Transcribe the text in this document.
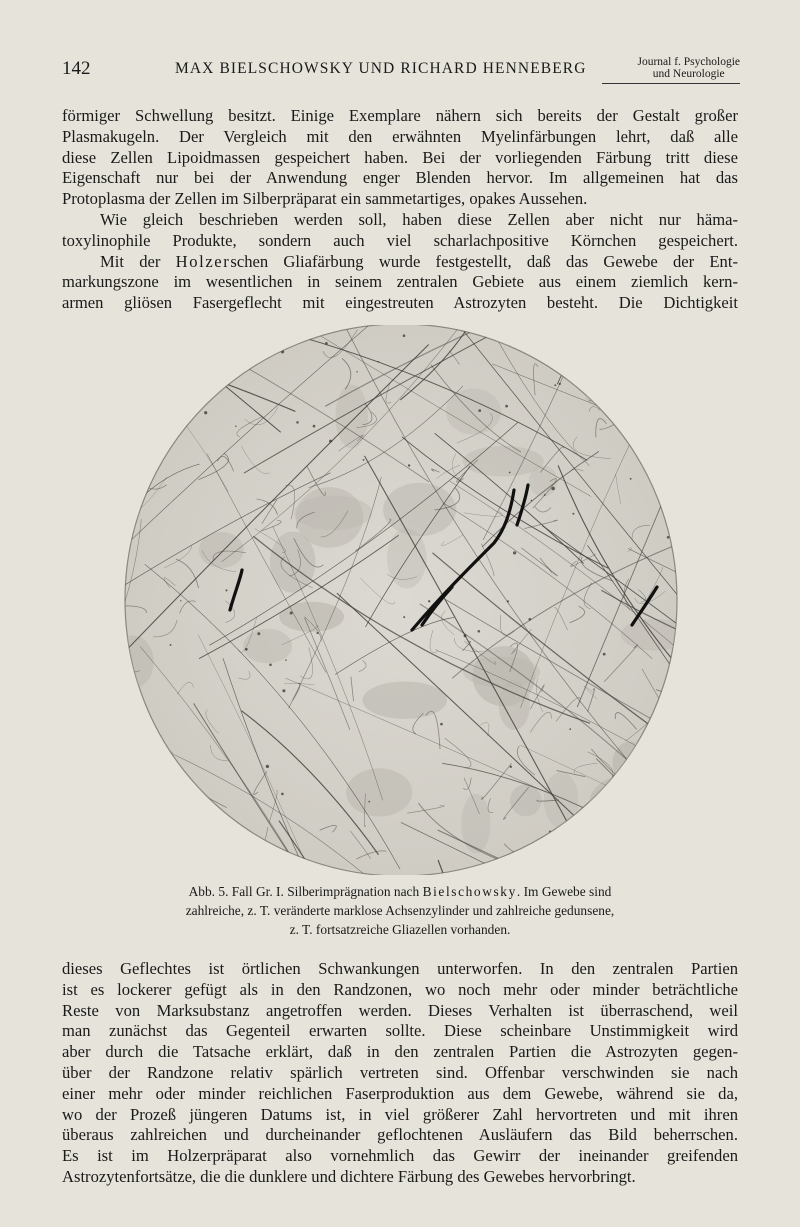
142	MAX BIELSCHOWSKY UND RICHARD HENNEBERG	Journal f. Psychologie
und Neurologie

förmiger Schwellung besitzt. Einige Exemplare nähern sich bereits der Gestalt großer

Plasmakugeln. Der Vergleich mit den erwähnten Myelinfärbungen lehrt, daß alle

diese Zellen Lipoidmassen gespeichert haben. Bei der vorliegenden Färbung tritt diese

Eigenschaft nur bei der Anwendung enger Blenden hervor. Im allgemeinen hat das

Protoplasma der Zellen im Silberpräparat ein sammetartiges, opakes Aussehen.

Wie gleich beschrieben werden soll, haben diese Zellen aber nicht nur häma-

toxylinophile Produkte, sondern auch viel scharlachpositive Körnchen gespeichert.

Mit der Holzerschen Gliafärbung wurde festgestellt, daß das Gewebe der Ent-

markungszone im wesentlichen in seinem zentralen Gebiete aus einem ziemlich kern-

armen gliösen Fasergeflecht mit eingestreuten Astrozyten besteht. Die Dichtigkeit

Abb. 5. Fall Gr. I. Silberimprägnation nach Bielschowsky. Im Gewebe sind
zahlreiche, z. T. veränderte marklose Achsenzylinder und zahlreiche gedunsene,
z. T. fortsatzreiche Gliazellen vorhanden.

dieses Geflechtes ist örtlichen Schwankungen unterworfen. In den zentralen Partien

ist es lockerer gefügt als in den Randzonen, wo noch mehr oder minder beträchtliche

Reste von Marksubstanz angetroffen werden. Dieses Verhalten ist überraschend, weil

man zunächst das Gegenteil erwarten sollte. Diese scheinbare Unstimmigkeit wird

aber durch die Tatsache erklärt, daß in den zentralen Partien die Astrozyten gegen-

über der Randzone relativ spärlich vertreten sind. Offenbar verschwinden sie nach

einer mehr oder minder reichlichen Faserproduktion aus dem Gewebe, während sie da,

wo der Prozeß jüngeren Datums ist, in viel größerer Zahl hervortreten und mit ihren

überaus zahlreichen und durcheinander geflochtenen Ausläufern das Bild beherrschen.

Es ist im Holzerpräparat also vornehmlich das Gewirr der ineinander greifenden

Astrozytenfortsätze, die die dunklere und dichtere Färbung des Gewebes hervorbringt.
